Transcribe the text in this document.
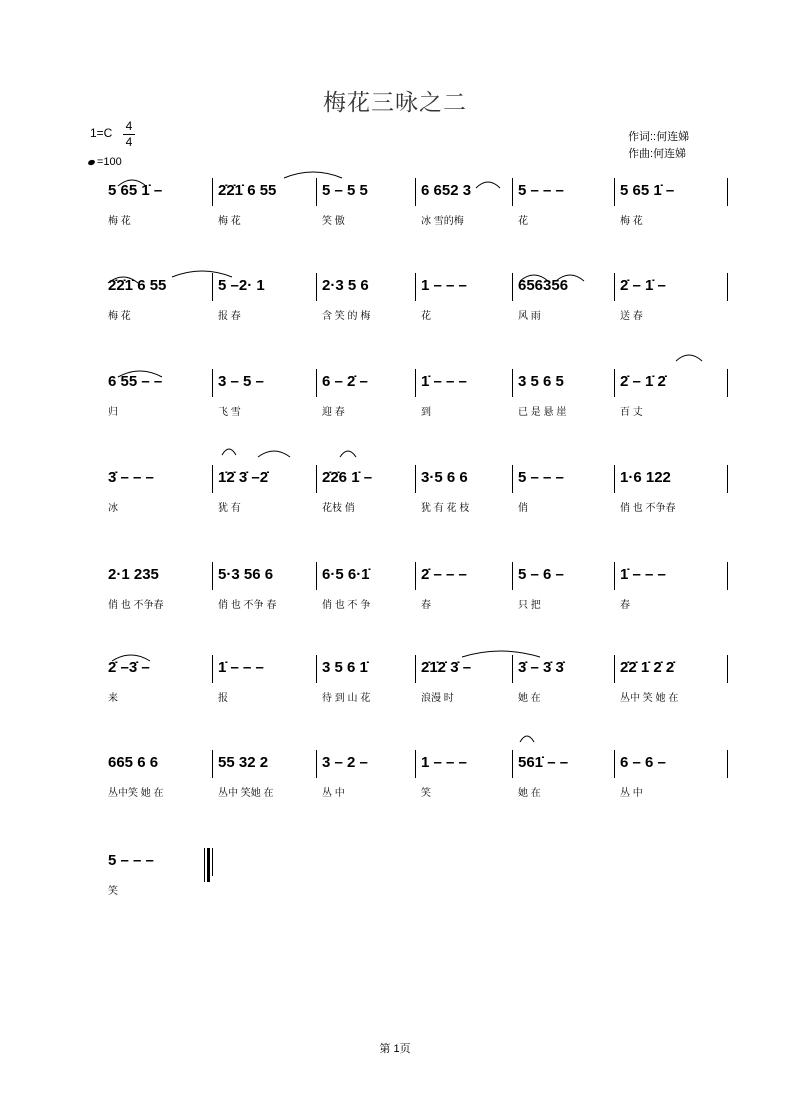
梅花三咏之二
1=C 4
4
=100
作词::何连娣
作曲:何连娣
5 65 1̇ –
梅 花
2̇2̇1̇ 6 55
梅 花
5 – 5 5
笑 傲
6 652 3
冰 雪的梅
5 – – –
花
5 65 1̇ –
梅 花
2̇2̇1̇ 6 55
梅 花
5 –2· 1
报 春
2·3 5 6
含 笑 的 梅
1 – – –
花
656356
风 雨
2̇ – 1̇ –
送 春
6 55 – –
归
3 – 5 –
飞 雪
6 – 2̇ –
迎 春
1̇ – – –
到
3 5 6 5
已 是 悬 崖
2̇ – 1̇ 2̇
百 丈
3̇ – – –
冰
1̇2̇ 3̇ –2̇
犹 有
2̇2̇6 1̇ –
花枝 俏
3·5 6 6
犹 有 花 枝
5 – – –
俏
1·6 122
俏 也 不争春
2·1 235
俏 也 不争春
5·3 56 6
俏 也 不争 春
6·5 6·1̇
俏 也 不 争
2̇ – – –
春
5 – 6 –
只 把
1̇ – – –
春
2̇ –3̇ –
来
1̇ – – –
报
3 5 6 1̇
待 到 山 花
2̇1̇2̇ 3̇ –
浪漫 时
3̇ – 3̇ 3̇
她 在
2̇2̇ 1̇ 2̇ 2̇
丛中 笑 她 在
665 6 6
丛中笑 她 在
55 32 2
丛中 笑她 在
3 – 2 –
丛 中
1 – – –
笑
561̇ – –
她 在
6 – 6 –
丛 中
5 – – –
笑
第 1页
